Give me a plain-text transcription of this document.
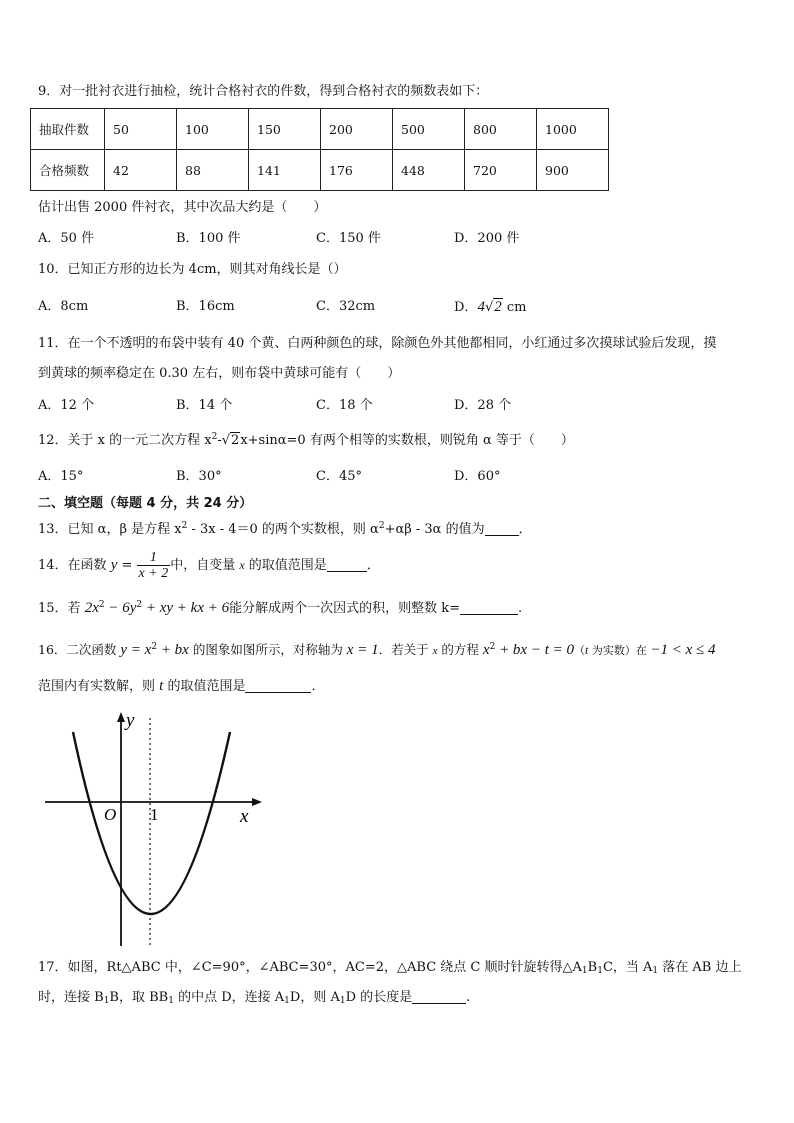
9．对一批衬衣进行抽检，统计合格衬衣的件数，得到合格衬衣的频数表如下：
抽取件数	50	100	150	200	500	800	1000
合格频数	42	88	141	176	448	720	900
估计出售 2000 件衬衣，其中次品大约是（　　）
A．50 件	B．100 件	C．150 件	D．200 件
10．已知正方形的边长为 4cm，则其对角线长是（）
A．8cm	B．16cm	C．32cm	D．4√2 cm
11．在一个不透明的布袋中装有 40 个黄、白两种颜色的球，除颜色外其他都相同，小红通过多次摸球试验后发现，摸
到黄球的频率稳定在 0.30 左右，则布袋中黄球可能有（　　）
A．12 个	B．14 个	C．18 个	D．28 个
12．关于 x 的一元二次方程 $x^2-√2x+\sin\alpha=0$ 有两个相等的实数根，则锐角 α 等于（　　）
A．15°	B．30°	C．45°	D．60°
二、填空题（每题 4 分，共 24 分）
13．已知 α，β 是方程 $x^2 - 3x - 4=0$ 的两个实数根，则 $\alpha^2+\alpha\beta - 3\alpha$ 的值为	．
14．在函数 $y = \frac{1}{x + 2}$ 中，自变量 x 的取值范围是	．
15．若 $2x^2 - 6y^2$ + xy + kx + 6能分解成两个一次因式的积，则整数 k=	.
16．二次函数 $y = x^2$ + bx 的图象如图所示，对称轴为 x = 1．若关于 x 的方程 $x^2$ + bx − t = 0（t 为实数）在 −1 < x ≤ 4
范围内有实数解，则 t 的取值范围是	．
y
x
O 1
17．如图，Rt△ABC 中，∠C=90°，∠ABC=30°，AC=2，△ABC 绕点 C 顺时针旋转得$\triangle A_1B_1C$，当 $A_1$ 落在 AB 边上
时，连接 $B_1B$，取 $BB_1$ 的中点 D，连接 $A_1D$，则 $A_1D$ 的长度是	.
